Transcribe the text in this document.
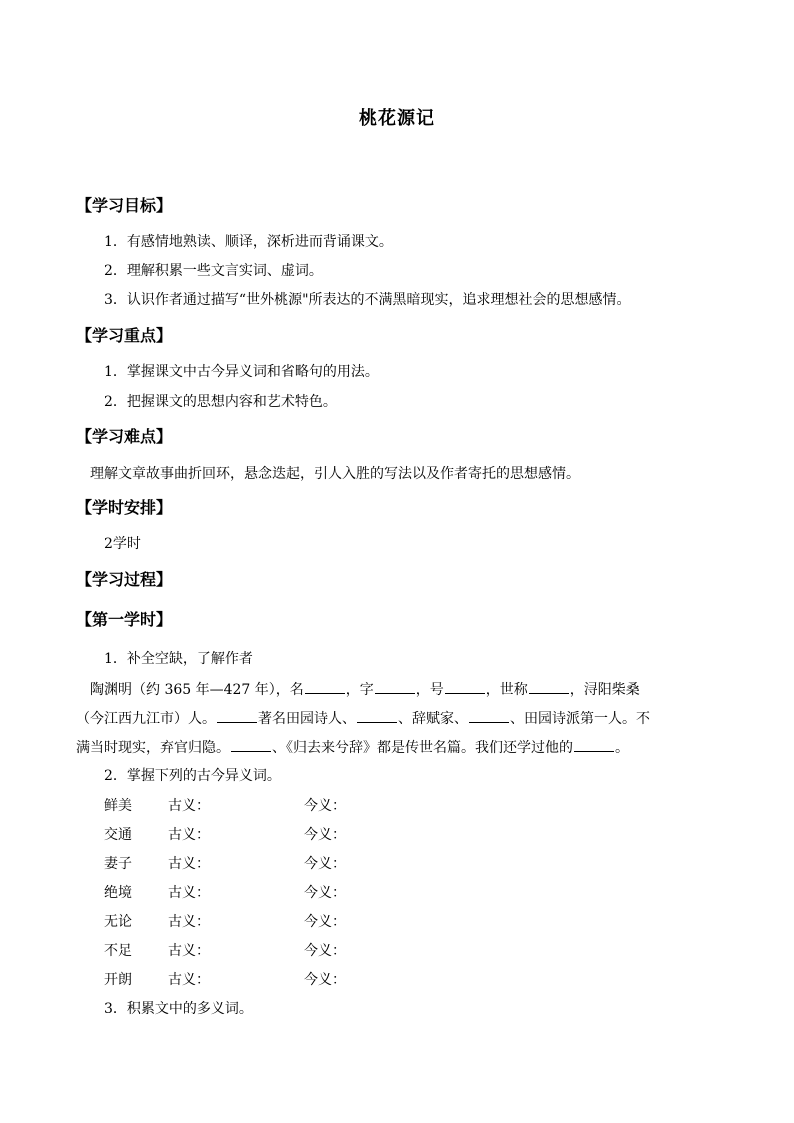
桃花源记
【学习目标】
1．有感情地熟读、顺译，深析进而背诵课文。
2．理解积累一些文言实词、虚词。
3．认识作者通过描写“世外桃源"所表达的不满黑暗现实，追求理想社会的思想感情。
【学习重点】
1．掌握课文中古今异义词和省略句的用法。
2．把握课文的思想内容和艺术特色。
【学习难点】
理解文章故事曲折回环，悬念迭起，引人入胜的写法以及作者寄托的思想感情。
【学时安排】
2学时
【学习过程】
【第一学时】
1．补全空缺，了解作者
陶渊明（约 365 年—427 年），名	，字	，号	，世称	，浔阳柴桑
（今江西九江市）人。	著名田园诗人、	、辞赋家、	、田园诗派第一人。不
满当时现实，弃官归隐。	、《归去来兮辞》都是传世名篇。我们还学过他的	。
2．掌握下列的古今异义词。
鲜美	古义：	今义：
交通	古义：	今义：
妻子	古义：	今义：
绝境	古义：	今义：
无论	古义：	今义：
不足	古义：	今义：
开朗	古义：	今义：
3．积累文中的多义词。
